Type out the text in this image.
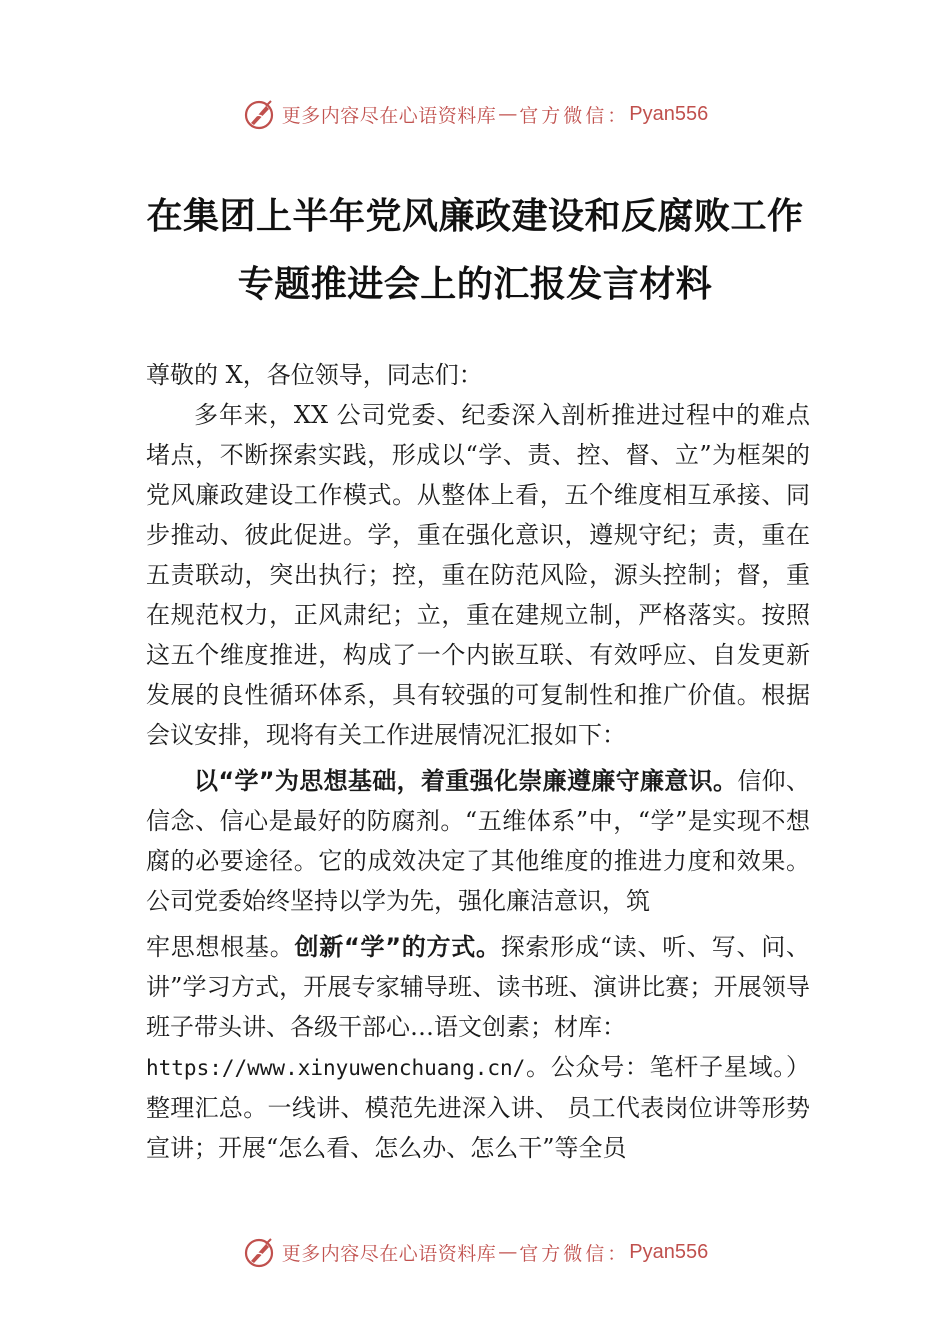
更多内容尽在心语资料库 — 官方微信： Pyan556
在集团上半年党风廉政建设和反腐败工作
专题推进会上的汇报发言材料

尊敬的 X，各位领导，同志们：

多年来，XX 公司党委、纪委深入剖析推进过程中的难点堵点，不断探索实践，形成以“学、责、控、督、立”为框架的党风廉政建设工作模式。从整体上看，五个维度相互承接、同步推动、彼此促进。学，重在强化意识，遵规守纪；责，重在五责联动，突出执行；控，重在防范风险，源头控制；督，重在规范权力，正风肃纪；立，重在建规立制，严格落实。按照这五个维度推进，构成了一个内嵌互联、有效呼应、自发更新发展的良性循环体系，具有较强的可复制性和推广价值。根据会议安排，现将有关工作进展情况汇报如下：

以“学”为思想基础，着重强化崇廉遵廉守廉意识。信仰、信念、信心是最好的防腐剂。“五维体系”中，“学”是实现不想腐的必要途径。它的成效决定了其他维度的推进力度和效果。公司党委始终坚持以学为先，强化廉洁意识，筑

牢思想根基。创新“学”的方式。探索形成“读、听、写、问、讲”学习方式，开展专家辅导班、读书班、演讲比赛；开展领导班子带头讲、各级干部心…语文创素；材库：
https://www.xinyuwenchuang.cn/。公众号：笔杆子星域。）整理汇总。一线讲、模范先进深入讲、 员工代表岗位讲等形势宣讲；开展“怎么看、怎么办、怎么干”等全员

更多内容尽在心语资料库 — 官方微信： Pyan556
